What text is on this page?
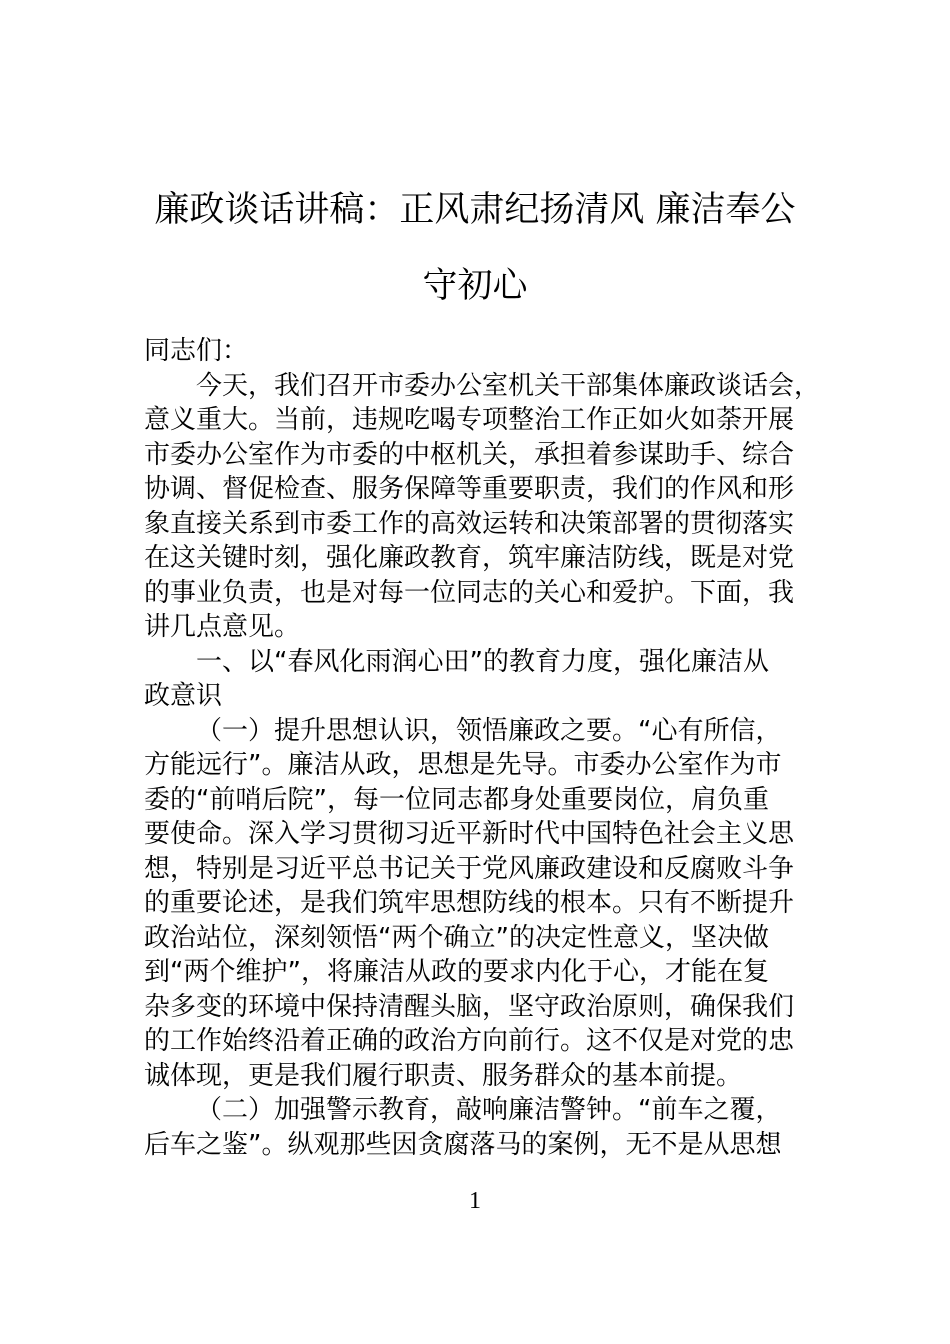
廉政谈话讲稿：正风肃纪扬清风 廉洁奉公
守初心

同志们：

今天，我们召开市委办公室机关干部集体廉政谈话会，

意义重大。当前，违规吃喝专项整治工作正如火如荼开展

市委办公室作为市委的中枢机关，承担着参谋助手、综合

协调、督促检查、服务保障等重要职责，我们的作风和形

象直接关系到市委工作的高效运转和决策部署的贯彻落实

在这关键时刻，强化廉政教育，筑牢廉洁防线，既是对党

的事业负责，也是对每一位同志的关心和爱护。下面，我

讲几点意见。

一、以“春风化雨润心田”的教育力度，强化廉洁从

政意识

（一）提升思想认识，领悟廉政之要。“心有所信，

方能远行”。廉洁从政，思想是先导。市委办公室作为市

委的“前哨后院”，每一位同志都身处重要岗位，肩负重

要使命。深入学习贯彻习近平新时代中国特色社会主义思

想，特别是习近平总书记关于党风廉政建设和反腐败斗争

的重要论述，是我们筑牢思想防线的根本。只有不断提升

政治站位，深刻领悟“两个确立”的决定性意义，坚决做

到“两个维护”，将廉洁从政的要求内化于心，才能在复

杂多变的环境中保持清醒头脑，坚守政治原则，确保我们

的工作始终沿着正确的政治方向前行。这不仅是对党的忠

诚体现，更是我们履行职责、服务群众的基本前提。

（二）加强警示教育，敲响廉洁警钟。“前车之覆，

后车之鉴”。纵观那些因贪腐落马的案例，无不是从思想

1
